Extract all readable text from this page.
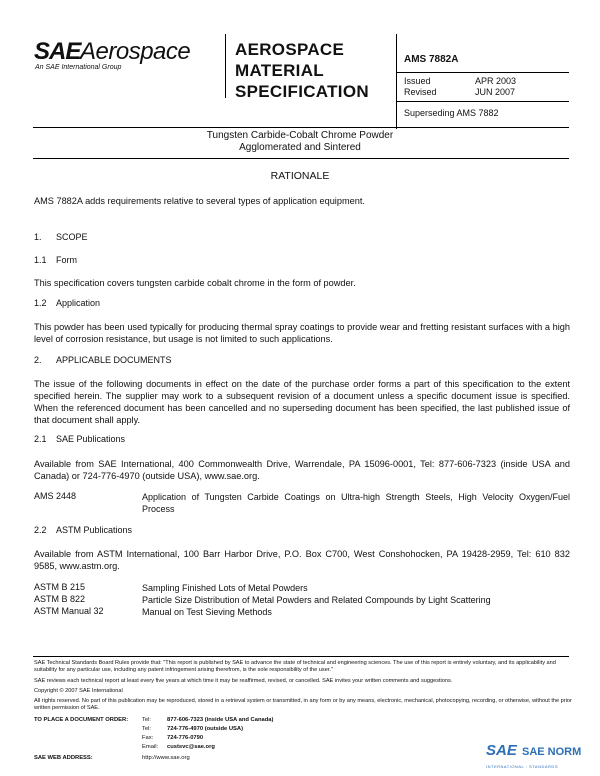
SAE Aerospace
An SAE International Group
AEROSPACE
MATERIAL
SPECIFICATION
AMS 7882A
Issued	APR 2003
Revised	JUN 2007
Superseding AMS 7882
Tungsten Carbide-Cobalt Chrome Powder
Agglomerated and Sintered
RATIONALE
AMS 7882A adds requirements relative to several types of application equipment.
1. SCOPE
1.1 Form
This specification covers tungsten carbide cobalt chrome in the form of powder.
1.2 Application
This powder has been used typically for producing thermal spray coatings to provide wear and fretting resistant surfaces with a high level of corrosion resistance, but usage is not limited to such applications.
2. APPLICABLE DOCUMENTS
The issue of the following documents in effect on the date of the purchase order forms a part of this specification to the extent specified herein. The supplier may work to a subsequent revision of a document unless a specific document issue is specified. When the referenced document has been cancelled and no superseding document has been specified, the last published issue of that document shall apply.
2.1 SAE Publications
Available from SAE International, 400 Commonwealth Drive, Warrendale, PA 15096-0001, Tel: 877-606-7323 (inside USA and Canada) or 724-776-4970 (outside USA), www.sae.org.
AMS 2448	Application of Tungsten Carbide Coatings on Ultra-high Strength Steels, High Velocity Oxygen/Fuel Process
2.2 ASTM Publications
Available from ASTM International, 100 Barr Harbor Drive, P.O. Box C700, West Conshohocken, PA 19428-2959, Tel: 610 832 9585, www.astm.org.
ASTM B 215	Sampling Finished Lots of Metal Powders
ASTM B 822	Particle Size Distribution of Metal Powders and Related Compounds by Light Scattering
ASTM Manual 32	Manual on Test Sieving Methods
SAE Technical Standards Board Rules provide that: "This report is published by SAE to advance the state of technical and engineering sciences. The use of this report is entirely voluntary, and its applicability and suitability for any particular use, including any patent infringement arising therefrom, is the sole responsibility of the user."
SAE reviews each technical report at least every five years at which time it may be reaffirmed, revised, or cancelled. SAE invites your written comments and suggestions.
Copyright © 2007 SAE International
All rights reserved. No part of this publication may be reproduced, stored in a retrieval system or transmitted, in any form or by any means, electronic, mechanical, photocopying, recording, or otherwise, without the prior written permission of SAE.
TO PLACE A DOCUMENT ORDER: Tel:	877-606-7323 (inside USA and Canada)
Tel:	724-776-4970 (outside USA)
Fax: 724-776-0790
Email: custsvc@sae.org
SAE WEB ADDRESS:	http://www.sae.org	SAE SAE NORM
INTERNATIONAL · STANDARDS
